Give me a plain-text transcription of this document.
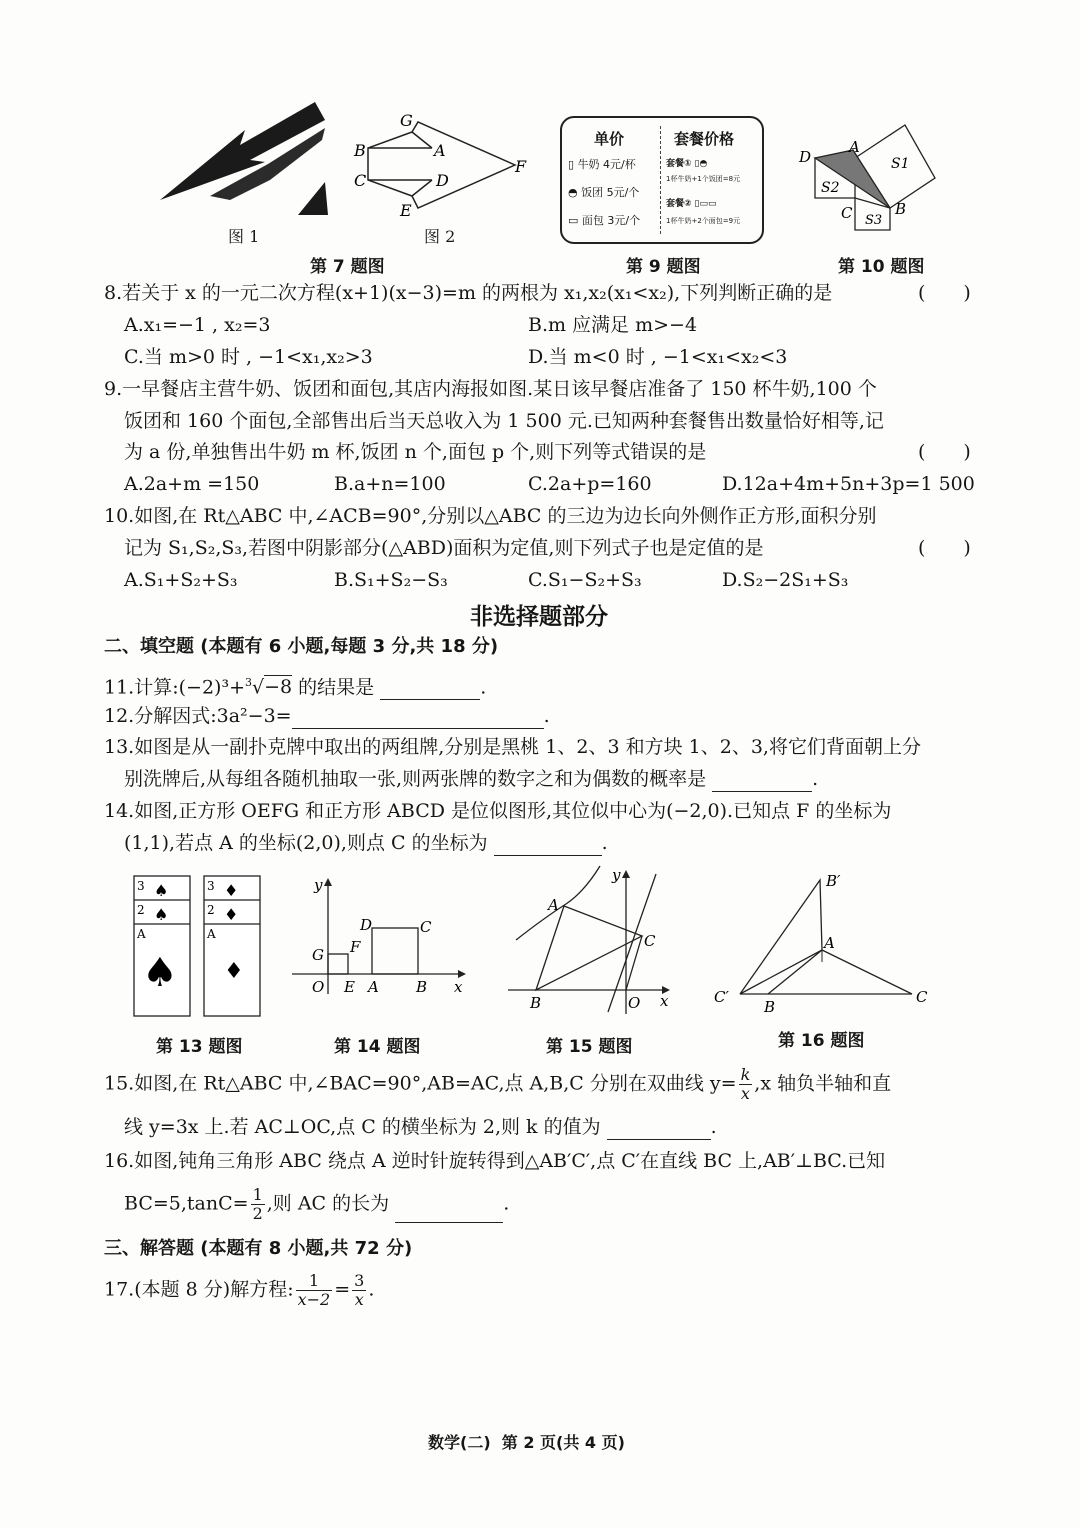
G
A
B
C	D
E
F
图 1	图 2
第 7 题图
单价	套餐价格
▯ 牛奶 4元/杯
◓ 饭团 5元/个
▭ 面包 3元/个
套餐① ▯◓
1杯牛奶+1个饭团=8元
套餐② ▯▭▭
1杯牛奶+2个面包=9元
第 9 题图
D
A
C	B
S1
S2
S3
第 10 题图
8.若关于 x 的一元二次方程(x+1)(x−3)=m 的两根为 x₁,x₂(x₁<x₂),下列判断正确的是	(　　)
A.x₁=−1 , x₂=3	B.m 应满足 m>−4
C.当 m>0 时 , −1<x₁,x₂>3	D.当 m<0 时 , −1<x₁<x₂<3
9.一早餐店主营牛奶、饭团和面包,其店内海报如图.某日该早餐店准备了 150 杯牛奶,100 个
饭团和 160 个面包,全部售出后当天总收入为 1 500 元.已知两种套餐售出数量恰好相等,记
为 a 份,单独售出牛奶 m 杯,饭团 n 个,面包 p 个,则下列等式错误的是	(　　)
A.2a+m =150	B.a+n=100	C.2a+p=160	D.12a+4m+5n+3p=1 500
10.如图,在 Rt△ABC 中,∠ACB=90°,分别以△ABC 的三边为边长向外侧作正方形,面积分别
记为 S₁,S₂,S₃,若图中阴影部分(△ABD)面积为定值,则下列式子也是定值的是	(　　)
A.S₁+S₂+S₃	B.S₁+S₂−S₃	C.S₁−S₂+S₃	D.S₂−2S₁+S₃
非选择题部分
二、填空题 (本题有 6 小题,每题 3 分,共 18 分)
11.计算:(−2)³+$^3$√−8 的结果是	.
12.分解因式:3a²−3=	.
13.如图是从一副扑克牌中取出的两组牌,分别是黑桃 1、2、3 和方块 1、2、3,将它们背面朝上分
别洗牌后,从每组各随机抽取一张,则两张牌的数字之和为偶数的概率是	.
14.如图,正方形 OEFG 和正方形 ABCD 是位似图形,其位似中心为(−2,0).已知点 F 的坐标为
(1,1),若点 A 的坐标(2,0),则点 C 的坐标为	.
3 ♠
2 ♠
A
♠
3 ♦
2 ♦
A
♦
第 13 题图
y
x
O
G F
E A B
C
D
第 14 题图
y
x
O
A
B
C
第 15 题图
B′
A
C′
B
C
第 16 题图
15.如图,在 Rt△ABC 中,∠BAC=90°,AB=AC,点 A,B,C 分别在双曲线 $y= \frac{k}{x} ,x$ 轴负半轴和直
线 y=3x 上.若 AC⊥OC,点 C 的横坐标为 2,则 k 的值为	.
16.如图,钝角三角形 ABC 绕点 A 逆时针旋转得到△AB′C′,点 C′在直线 BC 上,AB′⊥BC.已知
$BC=5,\tan C= \frac{1}{2}$ ,则 AC 的长为	.
三、解答题 (本题有 8 小题,共 72 分)
17.(本题 8 分)解方程: $\frac{1}{x-2} = \frac{3}{x}$ .
数学(二)  第 2 页(共 4 页)
